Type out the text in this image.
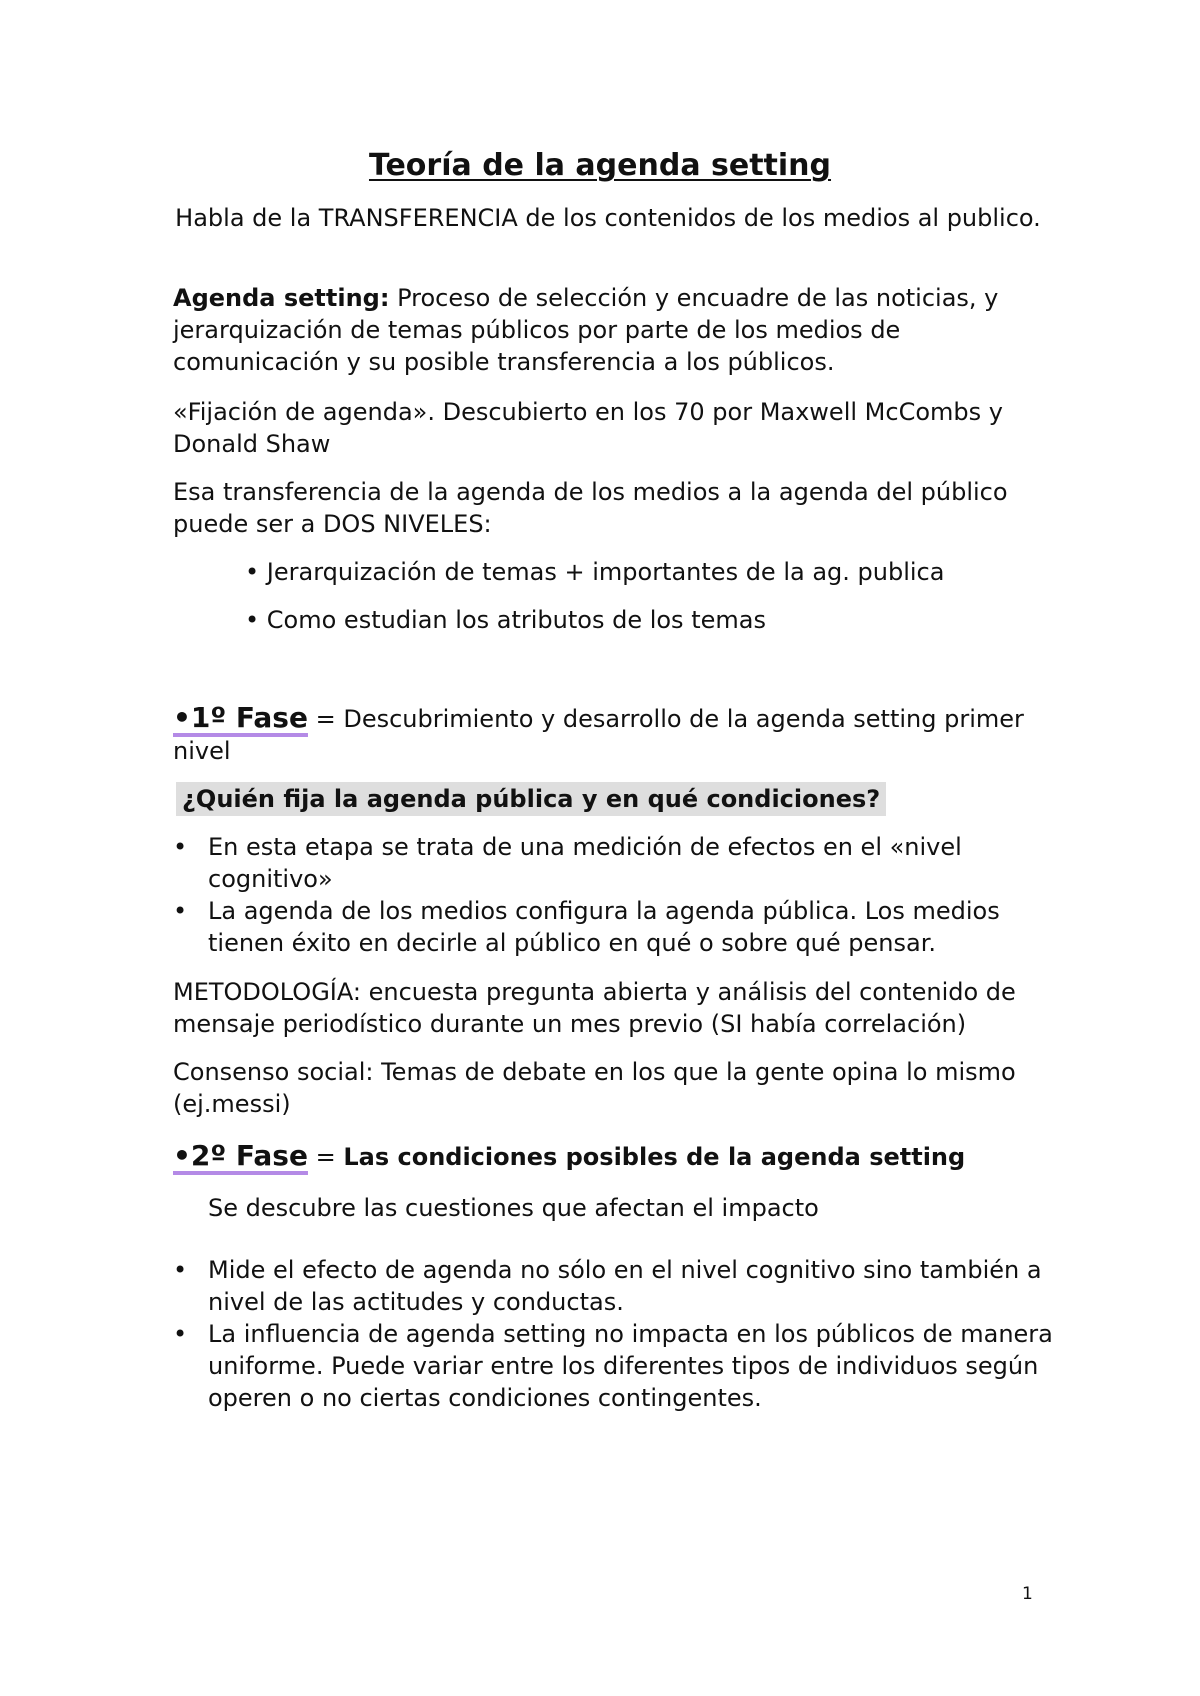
Teoría de la agenda setting

Habla de la TRANSFERENCIA de los contenidos de los medios al publico.

Agenda setting: Proceso de selección y encuadre de las noticias, y jerarquización de temas públicos por parte de los medios de comunicación y su posible transferencia a los públicos.

«Fijación de agenda». Descubierto en los 70 por Maxwell McCombs y Donald Shaw

Esa transferencia de la agenda de los medios a la agenda del público puede ser a DOS NIVELES:

• Jerarquización de temas + importantes de la ag. publica
• Como estudian los atributos de los temas

•1º Fase = Descubrimiento y desarrollo de la agenda setting primer nivel

¿Quién fija la agenda pública y en qué condiciones?

• En esta etapa se trata de una medición de efectos en el «nivel cognitivo»
• La agenda de los medios configura la agenda pública. Los medios tienen éxito en decirle al público en qué o sobre qué pensar.

METODOLOGÍA: encuesta pregunta abierta y análisis del contenido de mensaje periodístico durante un mes previo (SI había correlación)

Consenso social: Temas de debate en los que la gente opina lo mismo (ej.messi)

•2º Fase = Las condiciones posibles de la agenda setting

Se descubre las cuestiones que afectan el impacto

• Mide el efecto de agenda no sólo en el nivel cognitivo sino también a nivel de las actitudes y conductas.
• La influencia de agenda setting no impacta en los públicos de manera uniforme. Puede variar entre los diferentes tipos de individuos según operen o no ciertas condiciones contingentes.
1
